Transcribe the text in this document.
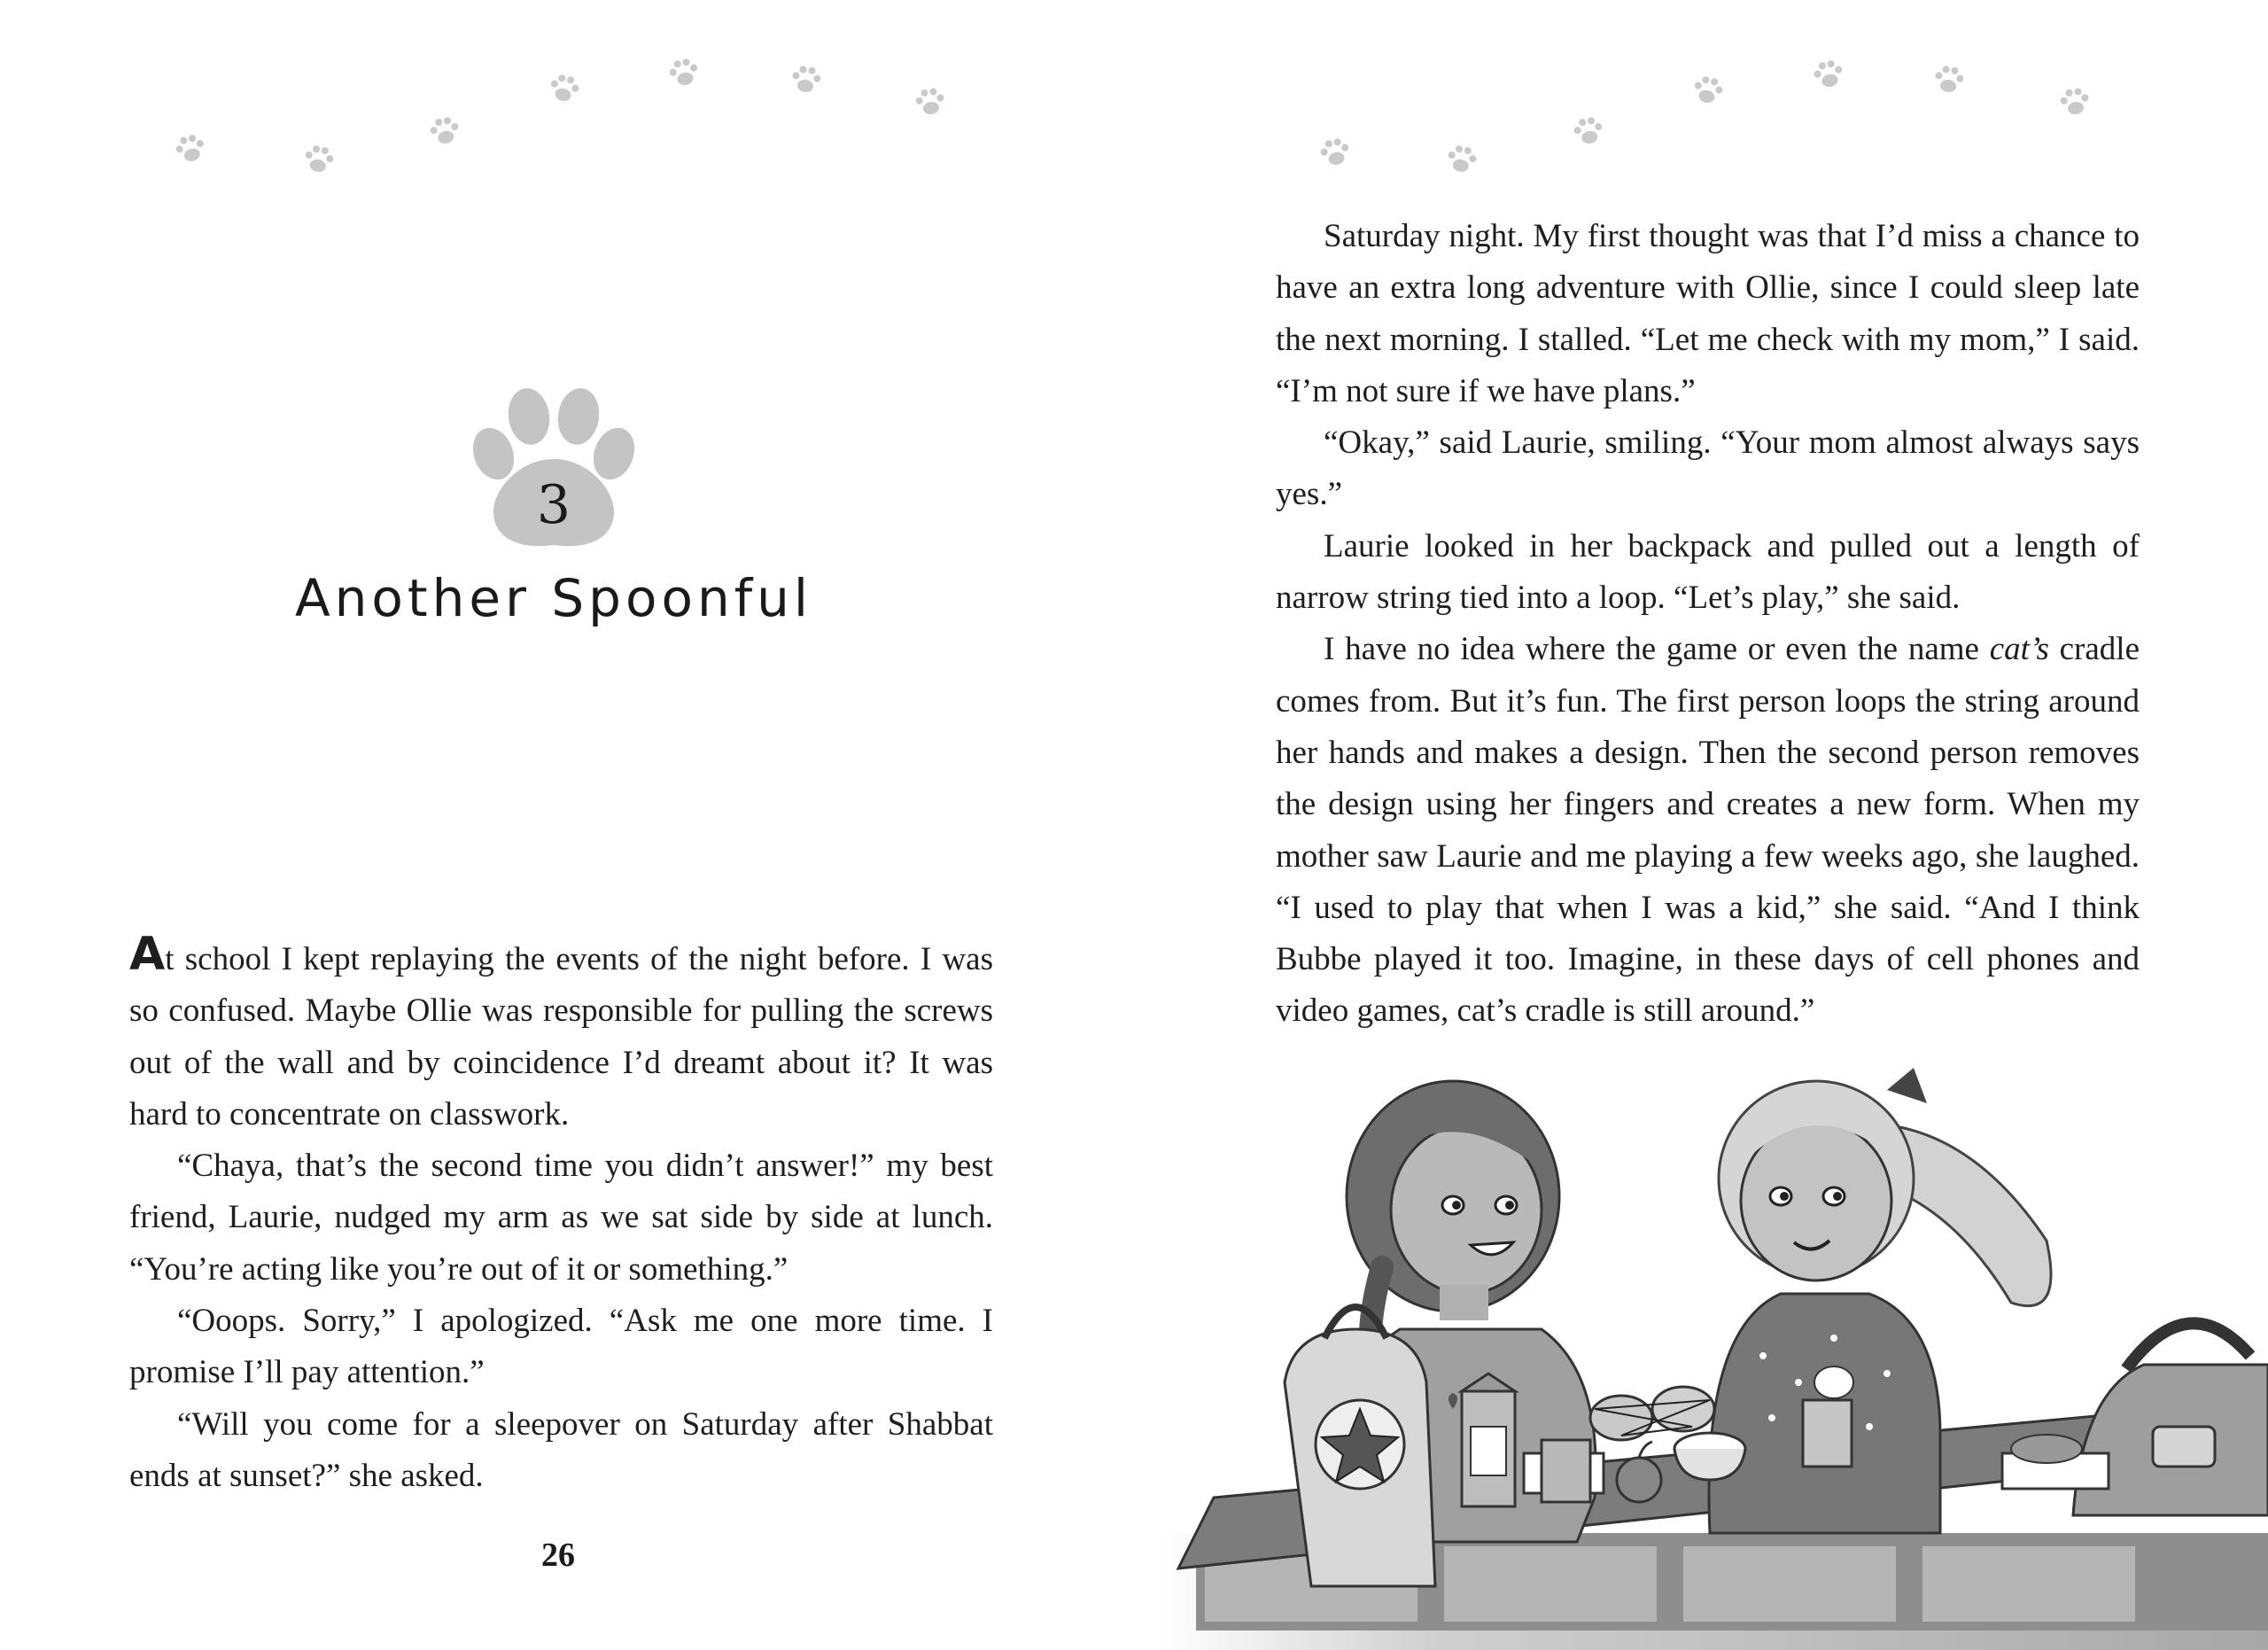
3
Another Spoonful

At school I kept replaying the events of the night before. I was so confused. Maybe Ollie was responsible for pulling the screws out of the wall and by coincidence I’d dreamt about it? It was hard to concentrate on classwork.

“Chaya, that’s the second time you didn’t answer!” my best friend, Laurie, nudged my arm as we sat side by side at lunch. “You’re acting like you’re out of it or something.”

“Ooops. Sorry,” I apologized. “Ask me one more time. I promise I’ll pay attention.”

“Will you come for a sleepover on Saturday after Shabbat ends at sunset?” she asked.

26

Saturday night. My first thought was that I’d miss a chance to have an extra long adventure with Ollie, since I could sleep late the next morning. I stalled. “Let me check with my mom,” I said. “I’m not sure if we have plans.”

“Okay,” said Laurie, smiling. “Your mom almost always says yes.”

Laurie looked in her backpack and pulled out a length of narrow string tied into a loop. “Let’s play,” she said.

I have no idea where the game or even the name cat’s cradle comes from. But it’s fun. The first person loops the string around her hands and makes a design. Then the second person removes the design using her fingers and creates a new form. When my mother saw Laurie and me playing a few weeks ago, she laughed. “I used to play that when I was a kid,” she said. “And I think Bubbe played it too. Imagine, in these days of cell phones and video games, cat’s cradle is still around.”
